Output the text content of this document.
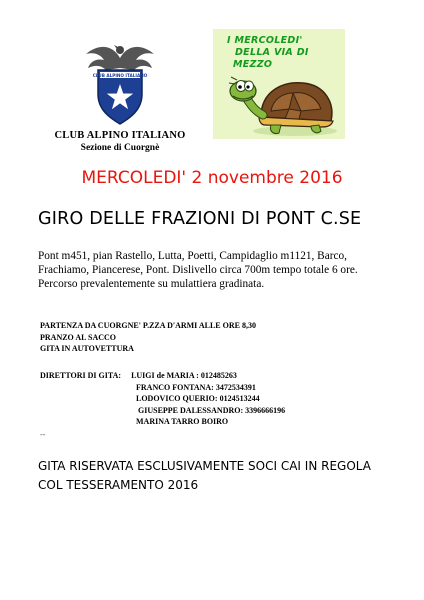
CLUB ALPINO ITALIANO
CLUB ALPINO ITALIANO
Sezione di Cuorgnè
I MERCOLEDI'
DELLA VIA DI
MEZZO
MERCOLEDI' 2 novembre 2016
GIRO DELLE FRAZIONI DI PONT C.SE

Pont m451, pian Rastello, Lutta, Poetti, Campidaglio m1121, Barco, Frachiamo, Piancerese, Pont. Dislivello circa 700m tempo totale 6 ore. Percorso prevalentemente su mulattiera gradinata.

PARTENZA DA CUORGNE' P.ZZA D'ARMI ALLE ORE 8,30

PRANZO AL SACCO

GITA IN AUTOVETTURA

DIRETTORI DI GITA: LUIGI de MARIA : 012485263
FRANCO FONTANA: 3472534391
LODOVICO QUERIO: 0124513244
GIUSEPPE DALESSANDRO: 3396666196
MARINA TARRO BOIRO
--
GITA RISERVATA ESCLUSIVAMENTE SOCI CAI IN REGOLA
COL TESSERAMENTO 2016
